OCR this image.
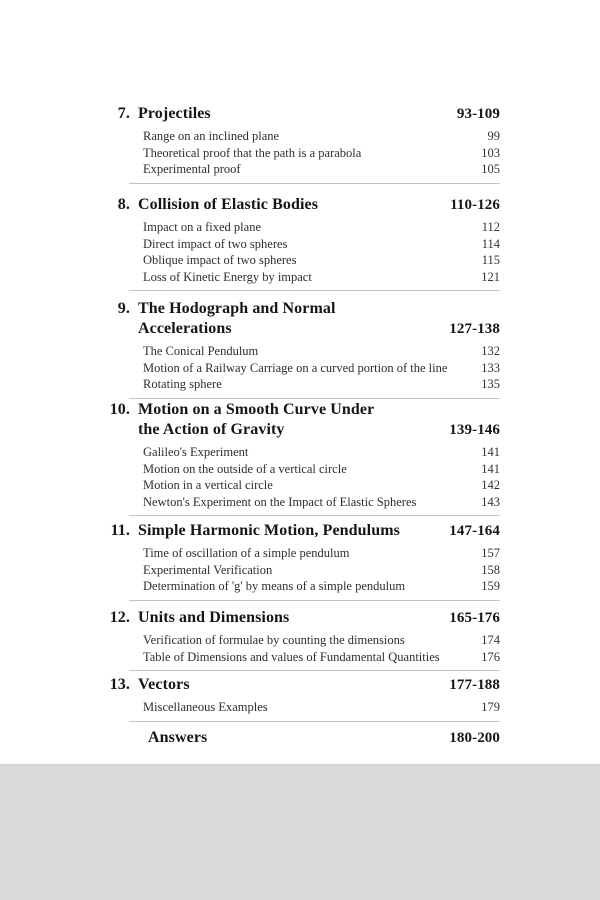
7. Projectiles	93-109
Range on an inclined plane	99
Theoretical proof that the path is a parabola	103
Experimental proof	105
8. Collision of Elastic Bodies	110-126
Impact on a fixed plane	112
Direct impact of two spheres	114
Oblique impact of two spheres	115
Loss of Kinetic Energy by impact	121
9. The Hodograph and Normal
Accelerations	127-138
The Conical Pendulum	132
Motion of a Railway Carriage on a curved portion of the line	133
Rotating sphere	135
10. Motion on a Smooth Curve Under
the Action of Gravity	139-146
Galileo's Experiment	141
Motion on the outside of a vertical circle	141
Motion in a vertical circle	142
Newton's Experiment on the Impact of Elastic Spheres	143
11. Simple Harmonic Motion, Pendulums	147-164
Time of oscillation of a simple pendulum	157
Experimental Verification	158
Determination of 'g' by means of a simple pendulum	159
12. Units and Dimensions	165-176
Verification of formulae by counting the dimensions	174
Table of Dimensions and values of Fundamental Quantities	176
13. Vectors	177-188
Miscellaneous Examples	179
Answers	180-200
